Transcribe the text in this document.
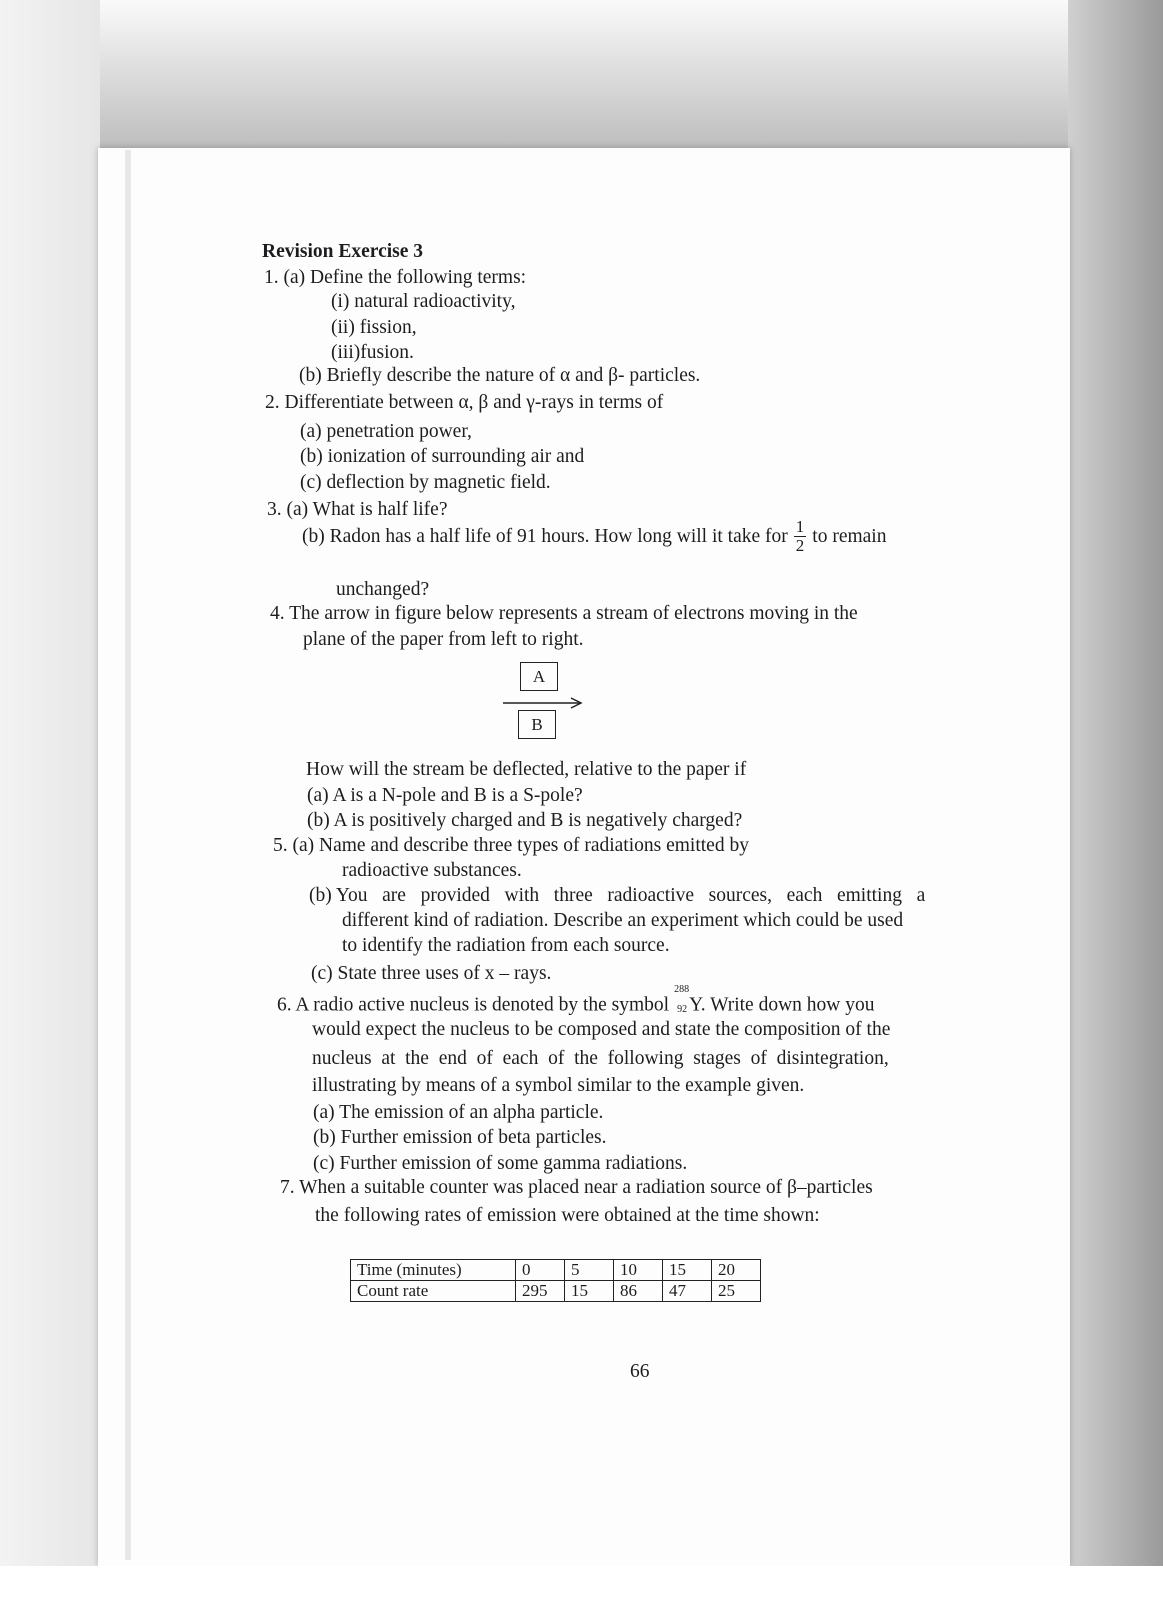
Revision Exercise 3
1. (a) Define the following terms:
(i) natural radioactivity,
(ii) fission,
(iii)fusion.
(b) Briefly describe the nature of α and β- particles.
2. Differentiate between α, β and γ-rays in terms of
(a) penetration power,
(b) ionization of surrounding air and
(c) deflection by magnetic field.
3. (a) What is half life?
(b) Radon has a half life of 91 hours. How long will it take for $\frac{1}{2}$ to remain
unchanged?
4. The arrow in figure below represents a stream of electrons moving in the
plane of the paper from left to right.
A
B
How will the stream be deflected, relative to the paper if
(a) A is a N-pole and B is a S-pole?
(b) A is positively charged and B is negatively charged?
5. (a) Name and describe three types of radiations emitted by
radioactive substances.
(b) You   are   provided   with   three   radioactive   sources,   each   emitting   a
different kind of radiation. Describe an experiment which could be used
to identify the radiation from each source.
(c) State three uses of x – rays.
6. A radio active nucleus is denoted by the symbol
288
92 Y. Write down how you
would expect the nucleus to be composed and state the composition of the
nucleus  at  the  end  of  each  of  the  following  stages  of  disintegration,
illustrating by means of a symbol similar to the example given.
(a) The emission of an alpha particle.
(b) Further emission of beta particles.
(c) Further emission of some gamma radiations.
7. When a suitable counter was placed near a radiation source of β–particles
the following rates of emission were obtained at the time shown:
Time (minutes)	0	5	10	15	20
Count rate	295	15	86	47	25
66
